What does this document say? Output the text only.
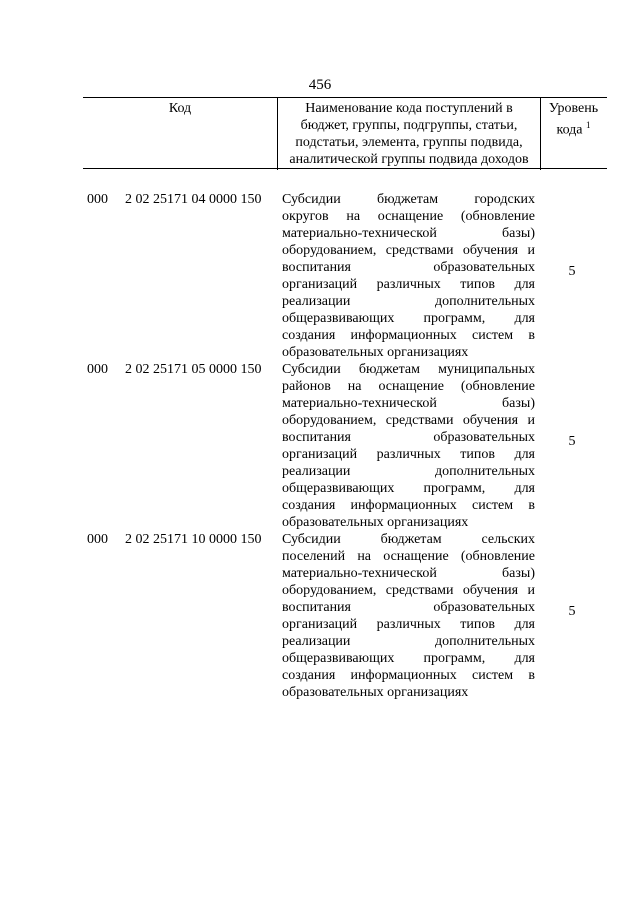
456
Код	Наименование кода поступлений в
бюджет, группы, подгруппы, статьи,
подстатьи, элемента, группы подвида,
аналитической группы подвида доходов
Уровень
кода $^1$
000 2 02 25171 04 0000 150 Субсидии бюджетам городских
округов на оснащение (обновление
материально-технической базы)
оборудованием, средствами обучения и
воспитания образовательных
организаций различных типов для
реализации дополнительных
общеразвивающих программ, для
создания информационных систем в
образовательных организациях
5
000 2 02 25171 05 0000 150 Субсидии бюджетам муниципальных
районов на оснащение (обновление
материально-технической базы)
оборудованием, средствами обучения и
воспитания образовательных
организаций различных типов для
реализации дополнительных
общеразвивающих программ, для
создания информационных систем в
образовательных организациях
5
000 2 02 25171 10 0000 150 Субсидии бюджетам сельских
поселений на оснащение (обновление
материально-технической базы)
оборудованием, средствами обучения и
воспитания образовательных
организаций различных типов для
реализации дополнительных
общеразвивающих программ, для
создания информационных систем в
образовательных организациях
5
